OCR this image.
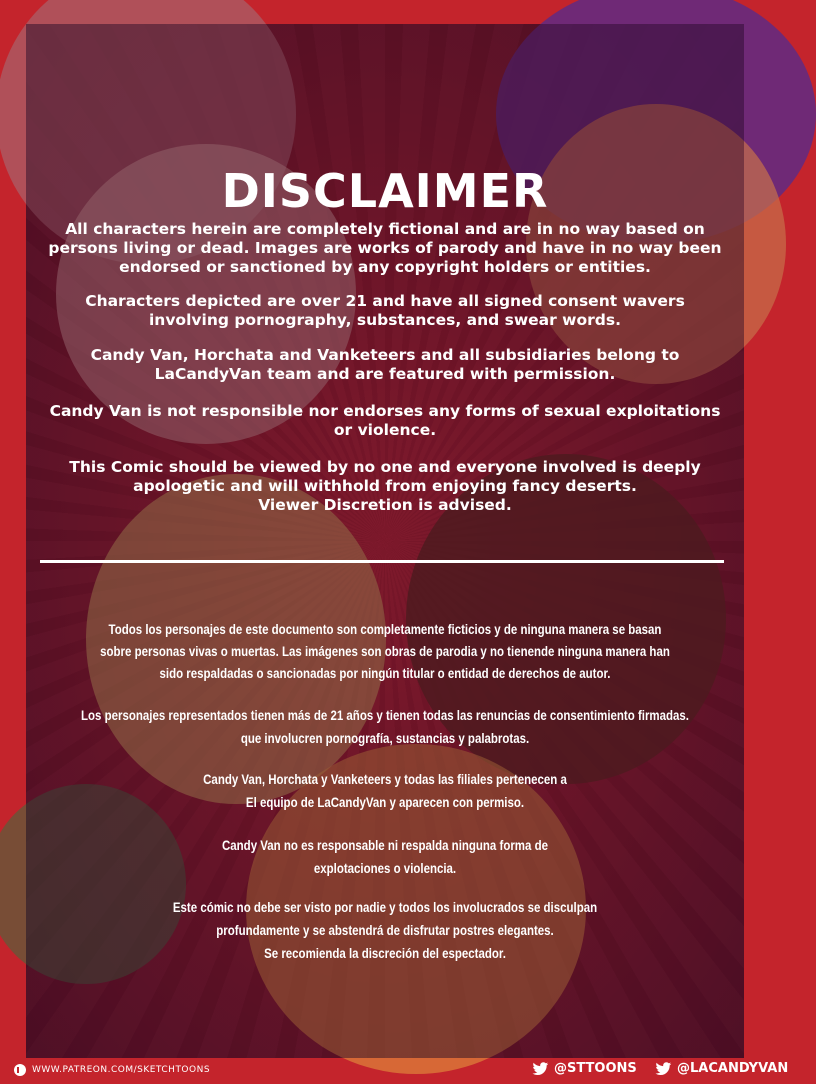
DISCLAIMER

All characters herein are completely fictional and are in no way based on persons living or dead. Images are works of parody and have in no way been endorsed or sanctioned by any copyright holders or entities.

Characters depicted are over 21 and have all signed consent wavers involving pornography, substances, and swear words.

Candy Van, Horchata and Vanketeers and all subsidiaries belong to LaCandyVan team and are featured with permission.

Candy Van is not responsible nor endorses any forms of sexual exploitations or violence.

This Comic should be viewed by no one and everyone involved is deeply apologetic and will withhold from enjoying fancy deserts.

Viewer Discretion is advised.

Todos los personajes de este documento son completamente ficticios y de ninguna manera se basan sobre personas vivas o muertas. Las imágenes son obras de parodia y no tienende ninguna manera han sido respaldadas o sancionadas por ningún titular o entidad de derechos de autor.

Los personajes representados tienen más de 21 años y tienen todas las renuncias de consentimiento firmadas.

que involucren pornografía, sustancias y palabrotas.

Candy Van, Horchata y Vanketeers y todas las filiales pertenecen a

El equipo de LaCandyVan y aparecen con permiso.

Candy Van no es responsable ni respalda ninguna forma de

explotaciones o violencia.

Este cómic no debe ser visto por nadie y todos los involucrados se disculpan

profundamente y se abstendrá de disfrutar postres elegantes.

Se recomienda la discreción del espectador.

WWW.PATREON.COM/SKETCHTOONS	@STTOONS	@LACANDYVAN
